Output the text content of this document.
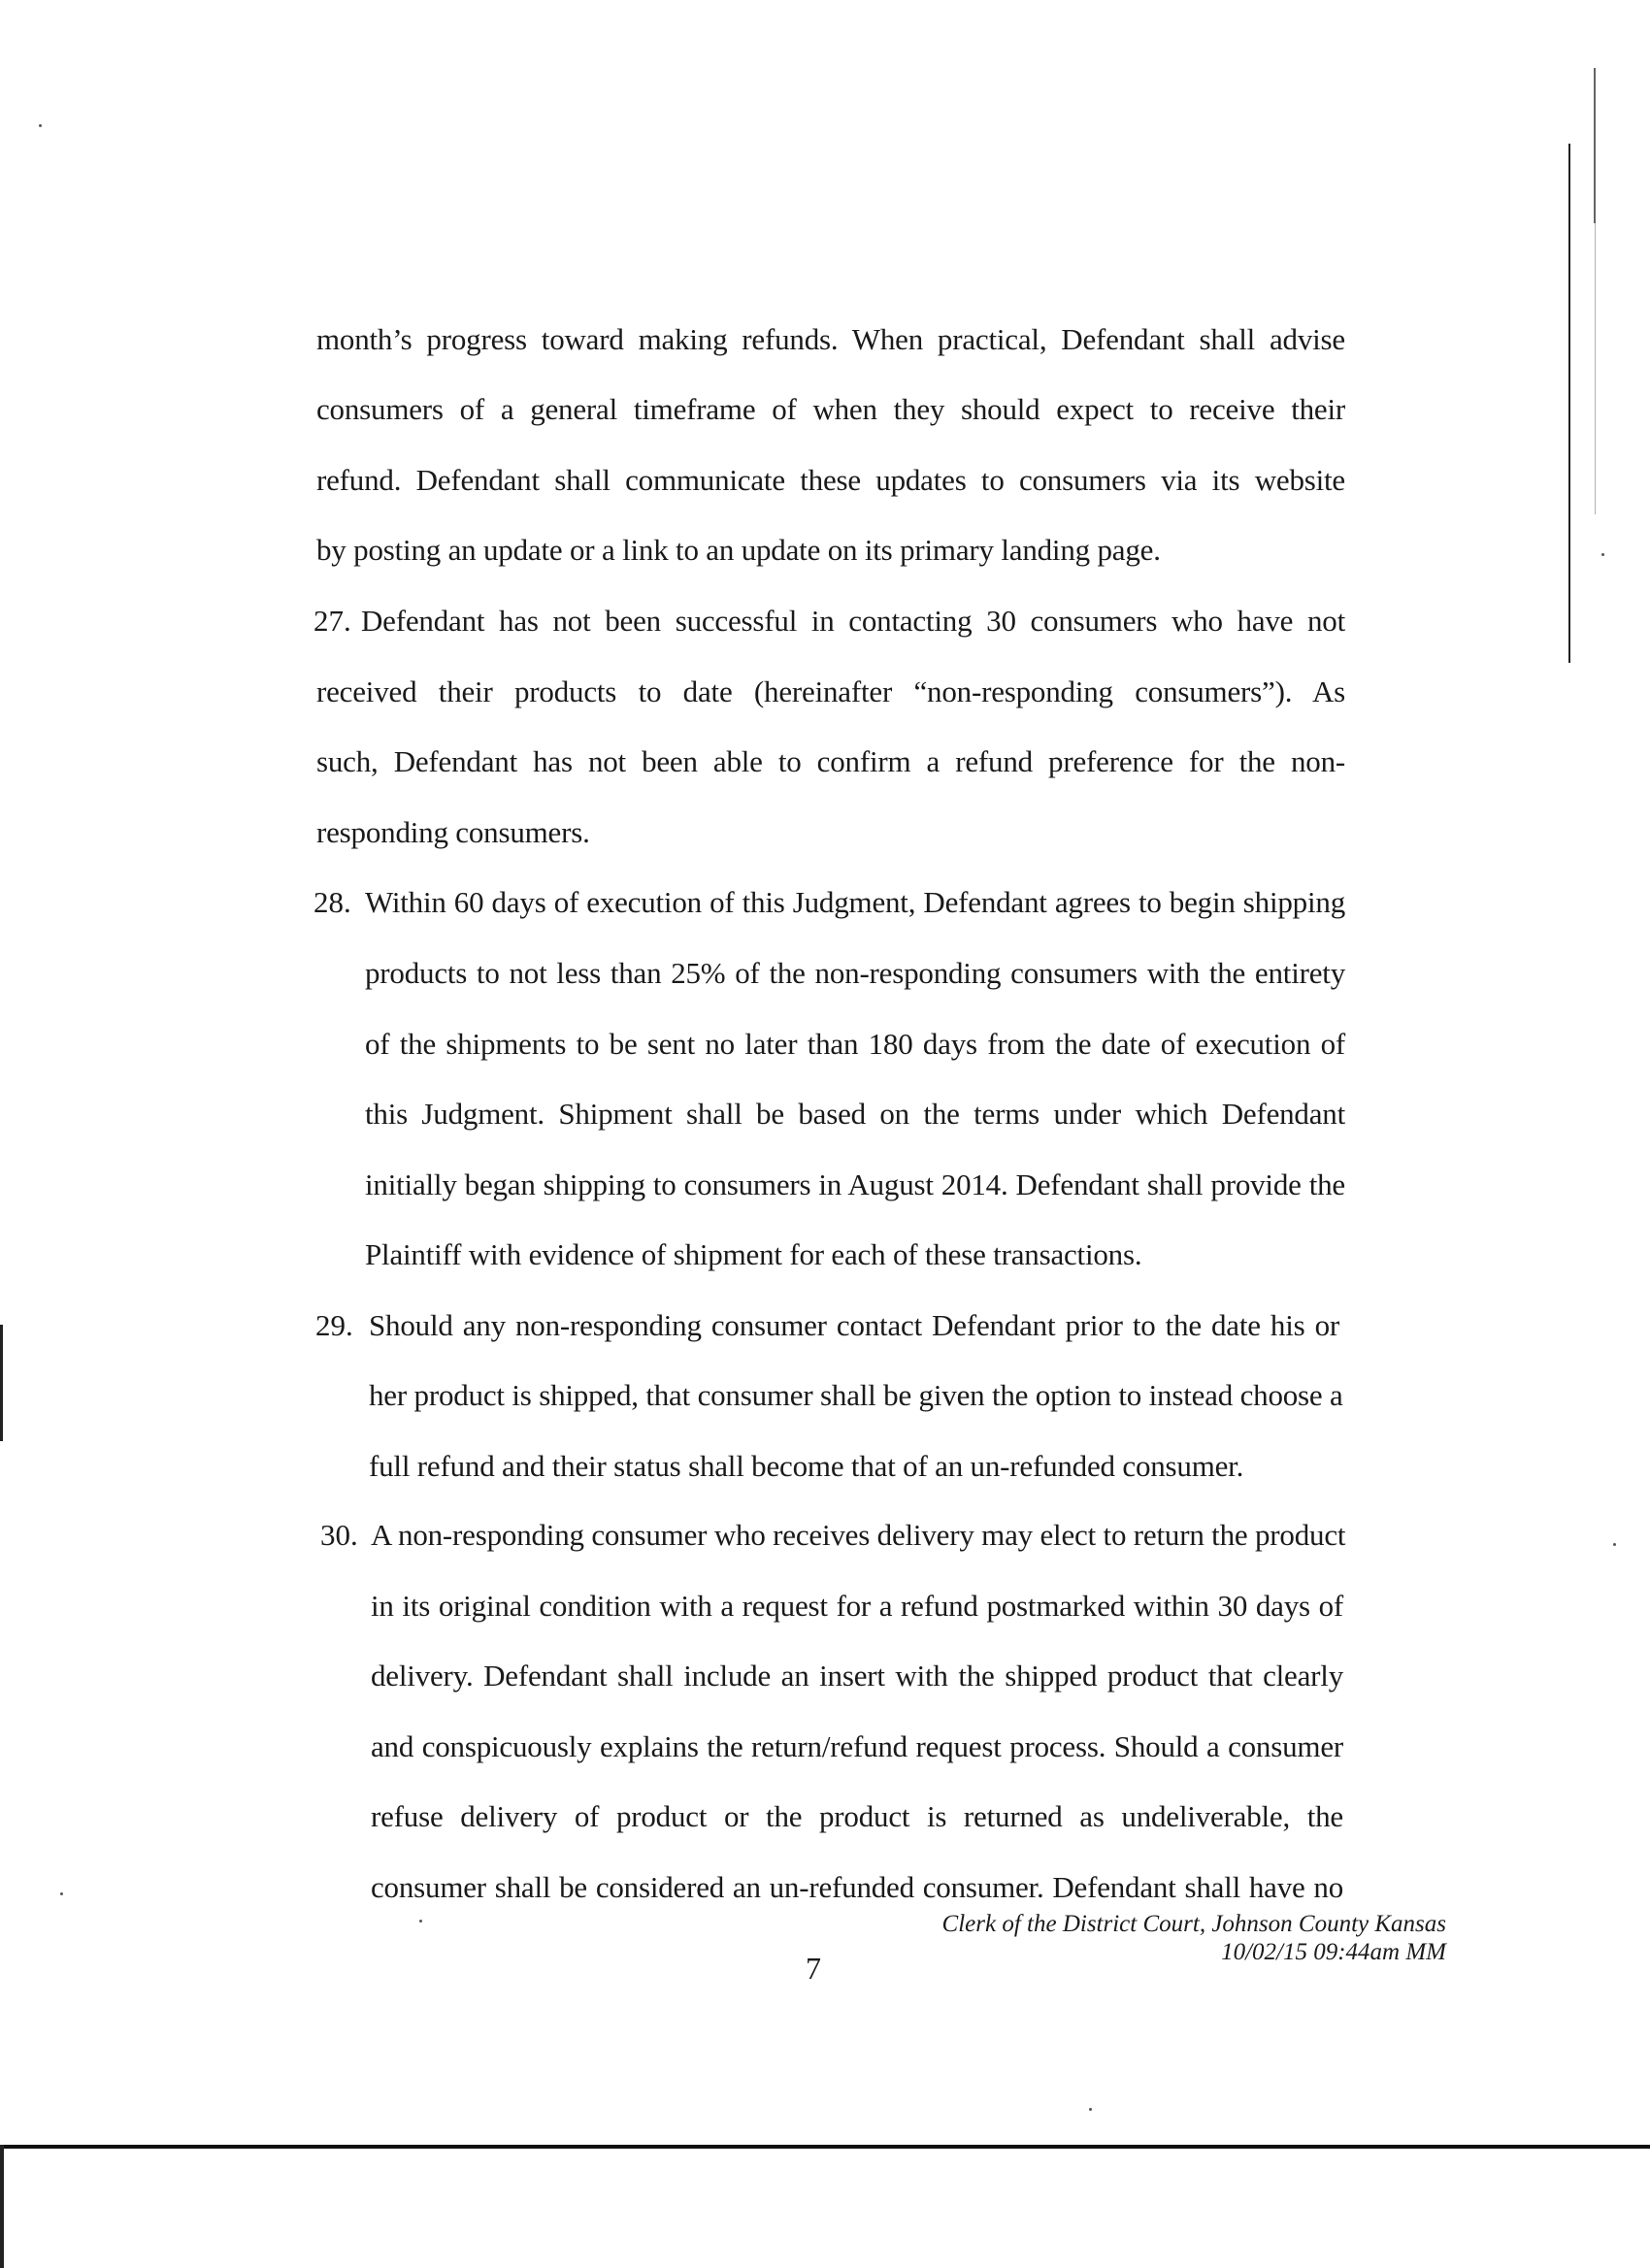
month’s progress toward making refunds. When practical, Defendant shall advise
consumers of a general timeframe of when they should expect to receive their
refund. Defendant shall communicate these updates to consumers via its website
by posting an update or a link to an update on its primary landing page.
27. Defendant has not been successful in contacting 30 consumers who have not
received their products to date (hereinafter “non-responding consumers”). As
such, Defendant has not been able to confirm a refund preference for the non-
responding consumers.
28. Within 60 days of execution of this Judgment, Defendant agrees to begin shipping
products to not less than 25% of the non-responding consumers with the entirety
of the shipments to be sent no later than 180 days from the date of execution of
this Judgment. Shipment shall be based on the terms under which Defendant
initially began shipping to consumers in August 2014. Defendant shall provide the
Plaintiff with evidence of shipment for each of these transactions.
29. Should any non-responding consumer contact Defendant prior to the date his or
her product is shipped, that consumer shall be given the option to instead choose a
full refund and their status shall become that of an un-refunded consumer.
30. A non-responding consumer who receives delivery may elect to return the product
in its original condition with a request for a refund postmarked within 30 days of
delivery. Defendant shall include an insert with the shipped product that clearly
and conspicuously explains the return/refund request process. Should a consumer
refuse delivery of product or the product is returned as undeliverable, the
consumer shall be considered an un-refunded consumer. Defendant shall have no
7
Clerk of the District Court, Johnson County Kansas
10/02/15 09:44am MM
